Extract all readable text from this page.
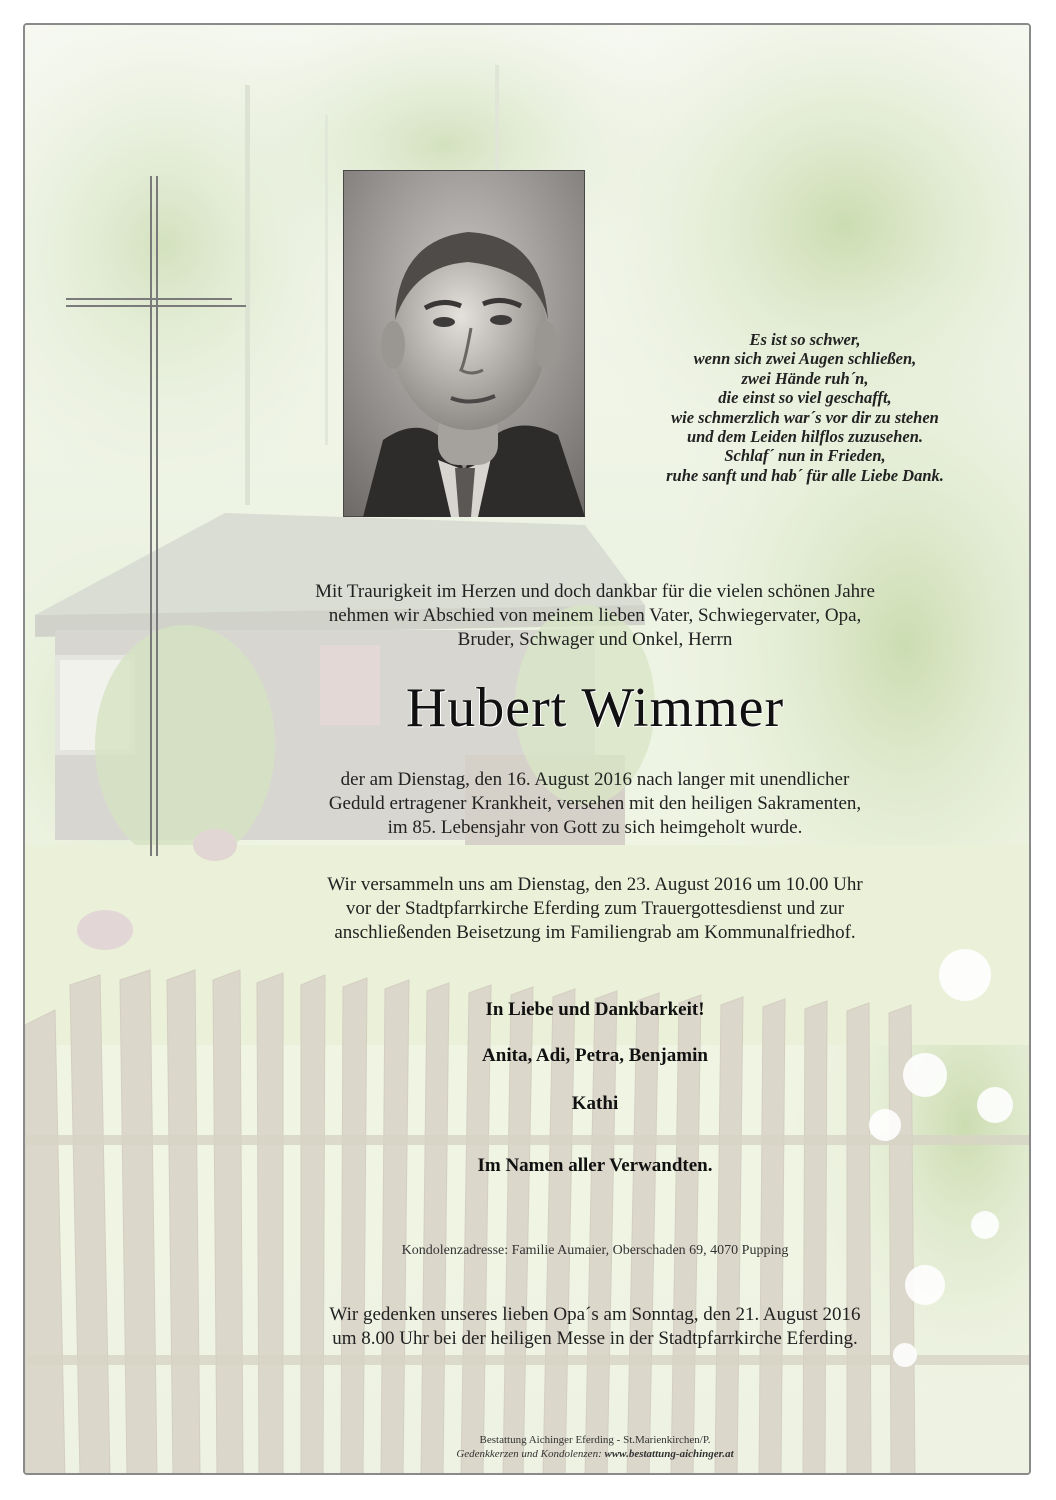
Es ist so schwer,
wenn sich zwei Augen schließen,
zwei Hände ruh´n,
die einst so viel geschafft,
wie schmerzlich war´s vor dir zu stehen
und dem Leiden hilflos zuzusehen.
Schlaf´ nun in Frieden,
ruhe sanft und hab´ für alle Liebe Dank.
Mit Traurigkeit im Herzen und doch dankbar für die vielen schönen Jahre
nehmen wir Abschied von meinem lieben Vater, Schwiegervater, Opa,
Bruder, Schwager und Onkel, Herrn
Hubert Wimmer
der am Dienstag, den 16. August 2016 nach langer mit unendlicher
Geduld ertragener Krankheit, versehen mit den heiligen Sakramenten,
im 85. Lebensjahr von Gott zu sich heimgeholt wurde.
Wir versammeln uns am Dienstag, den 23. August 2016 um 10.00 Uhr
vor der Stadtpfarrkirche Eferding zum Trauergottesdienst und zur
anschließenden Beisetzung im Familiengrab am Kommunalfriedhof.
In Liebe und Dankbarkeit!
Anita, Adi, Petra, Benjamin
Kathi
Im Namen aller Verwandten.
Kondolenzadresse: Familie Aumaier, Oberschaden 69, 4070 Pupping
Wir gedenken unseres lieben Opa´s am Sonntag, den 21. August 2016
um 8.00 Uhr bei der heiligen Messe in der Stadtpfarrkirche Eferding.
Bestattung Aichinger Eferding - St.Marienkirchen/P.
Gedenkkerzen und Kondolenzen: www.bestattung-aichinger.at
